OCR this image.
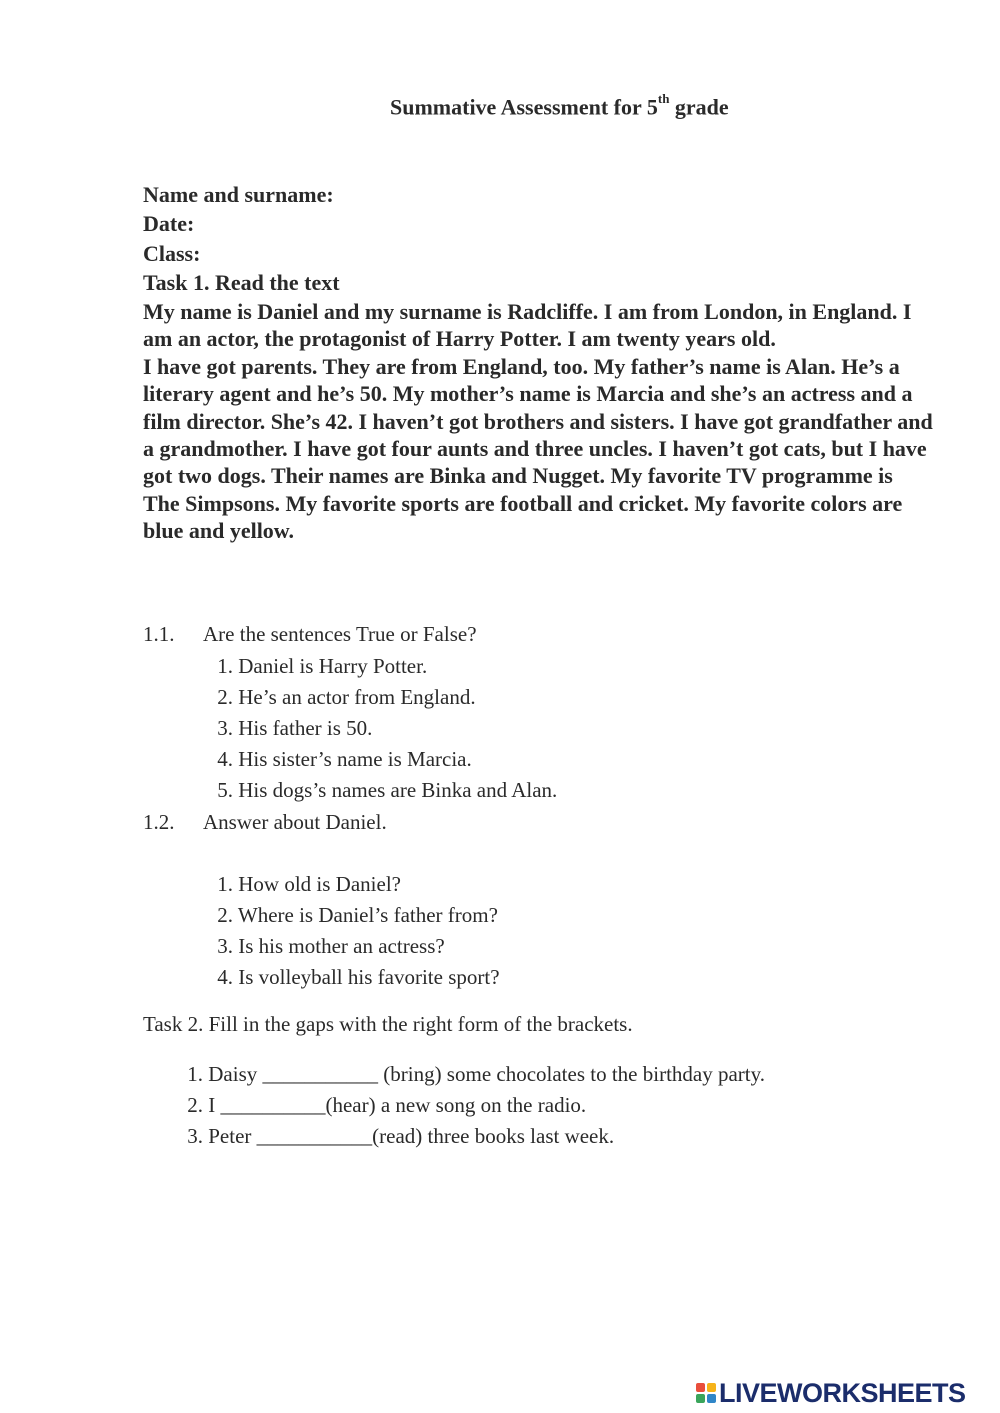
Summative Assessment for 5th grade
Name and surname:
Date:
Class:
Task 1. Read the text

My name is Daniel and my surname is Radcliffe. I am from London, in England. I am an actor, the protagonist of Harry Potter. I am twenty years old.

I have got parents. They are from England, too. My father’s name is Alan. He’s a literary agent and he’s 50. My mother’s name is Marcia and she’s an actress and a film director. She’s 42. I haven’t got brothers and sisters. I have got grandfather and a grandmother. I have got four aunts and three uncles. I haven’t got cats, but I have got two dogs. Their names are Binka and Nugget. My favorite TV programme is The Simpsons. My favorite sports are football and cricket. My favorite colors are blue and yellow.

1.1. Are the sentences True or False?
1. Daniel is Harry Potter.
2. He’s an actor from England.
3. His father is 50.
4. His sister’s name is Marcia.
5. His dogs’s names are Binka and Alan.
1.2. Answer about Daniel.
1. How old is Daniel?
2. Where is Daniel’s father from?
3. Is his mother an actress?
4. Is volleyball his favorite sport?
Task 2. Fill in the gaps with the right form of the brackets.
1. Daisy ___________ (bring) some chocolates to the birthday party.
2. I __________(hear) a new song on the radio.
3. Peter ___________(read) three books last week.
LIVEWORKSHEETS
